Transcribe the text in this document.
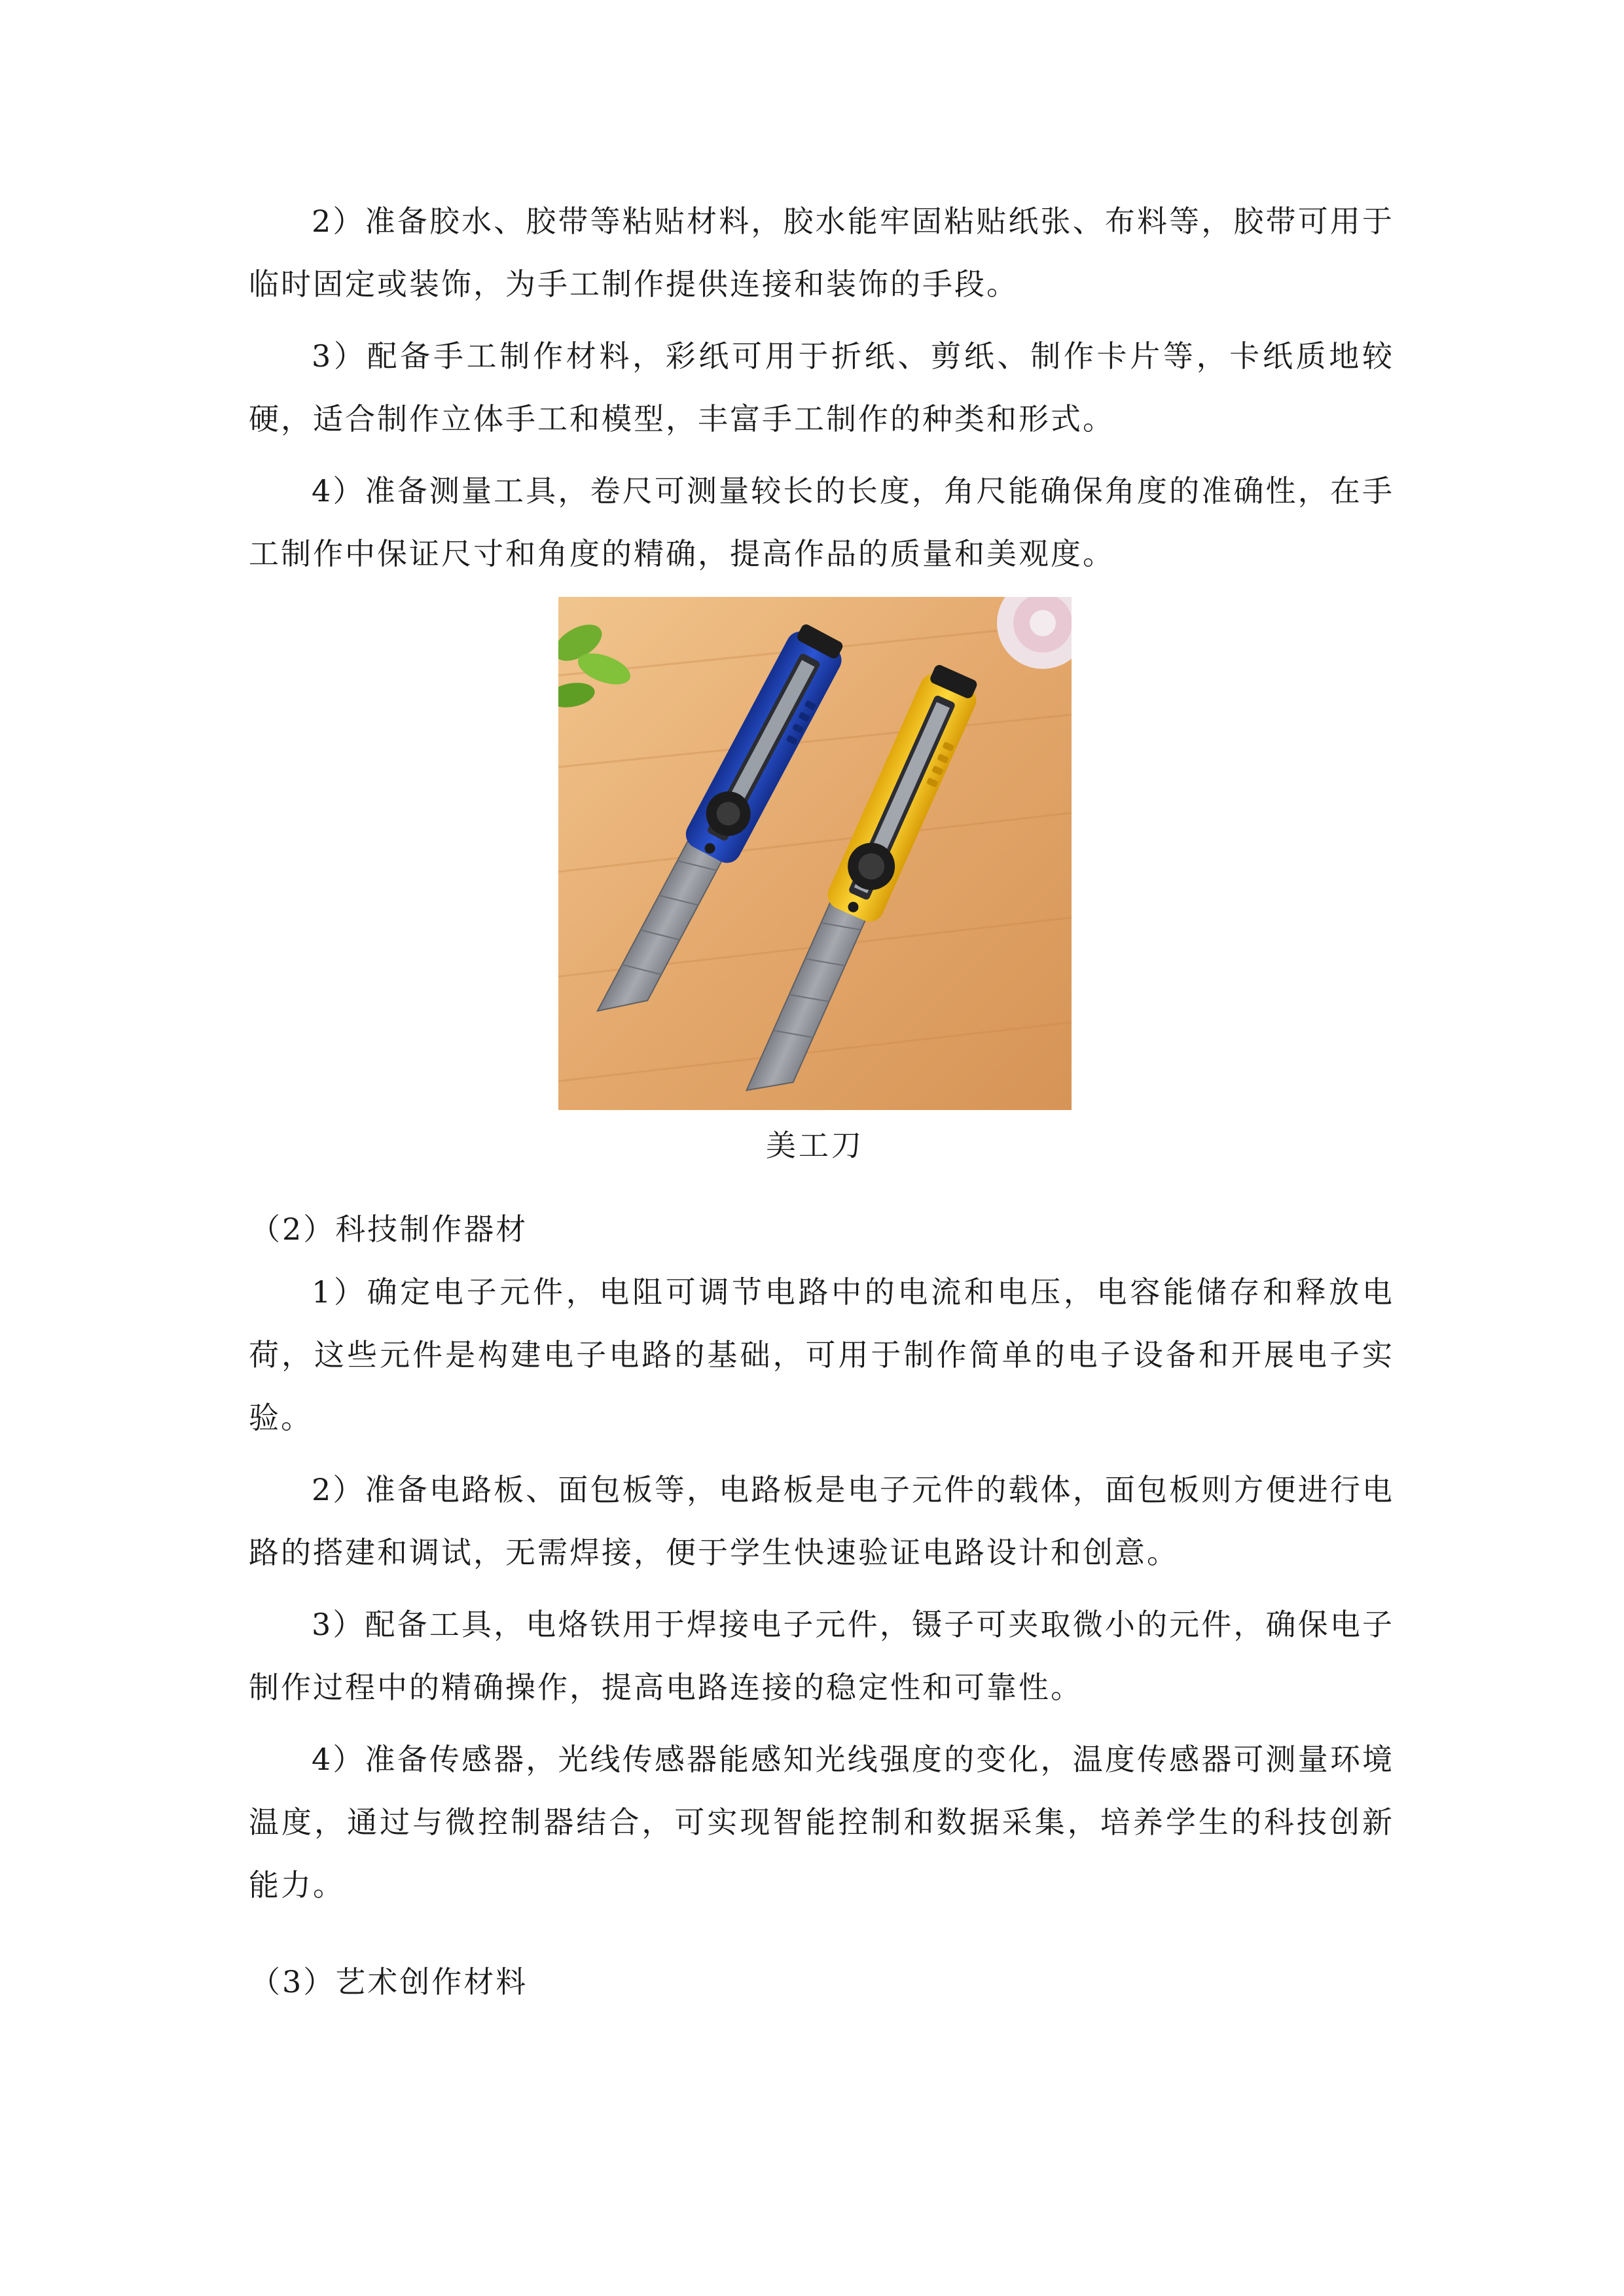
2）准备胶水、胶带等粘贴材料，胶水能牢固粘贴纸张、布料等，胶带可用于临时固定或装饰，为手工制作提供连接和装饰的手段。

3）配备手工制作材料，彩纸可用于折纸、剪纸、制作卡片等，卡纸质地较硬，适合制作立体手工和模型，丰富手工制作的种类和形式。

4）准备测量工具，卷尺可测量较长的长度，角尺能确保角度的准确性，在手工制作中保证尺寸和角度的精确，提高作品的质量和美观度。

美工刀
（2）科技制作器材

1）确定电子元件，电阻可调节电路中的电流和电压，电容能储存和释放电荷，这些元件是构建电子电路的基础，可用于制作简单的电子设备和开展电子实验。

2）准备电路板、面包板等，电路板是电子元件的载体，面包板则方便进行电路的搭建和调试，无需焊接，便于学生快速验证电路设计和创意。

3）配备工具，电烙铁用于焊接电子元件，镊子可夹取微小的元件，确保电子制作过程中的精确操作，提高电路连接的稳定性和可靠性。

4）准备传感器，光线传感器能感知光线强度的变化，温度传感器可测量环境温度，通过与微控制器结合，可实现智能控制和数据采集，培养学生的科技创新能力。

（3）艺术创作材料
